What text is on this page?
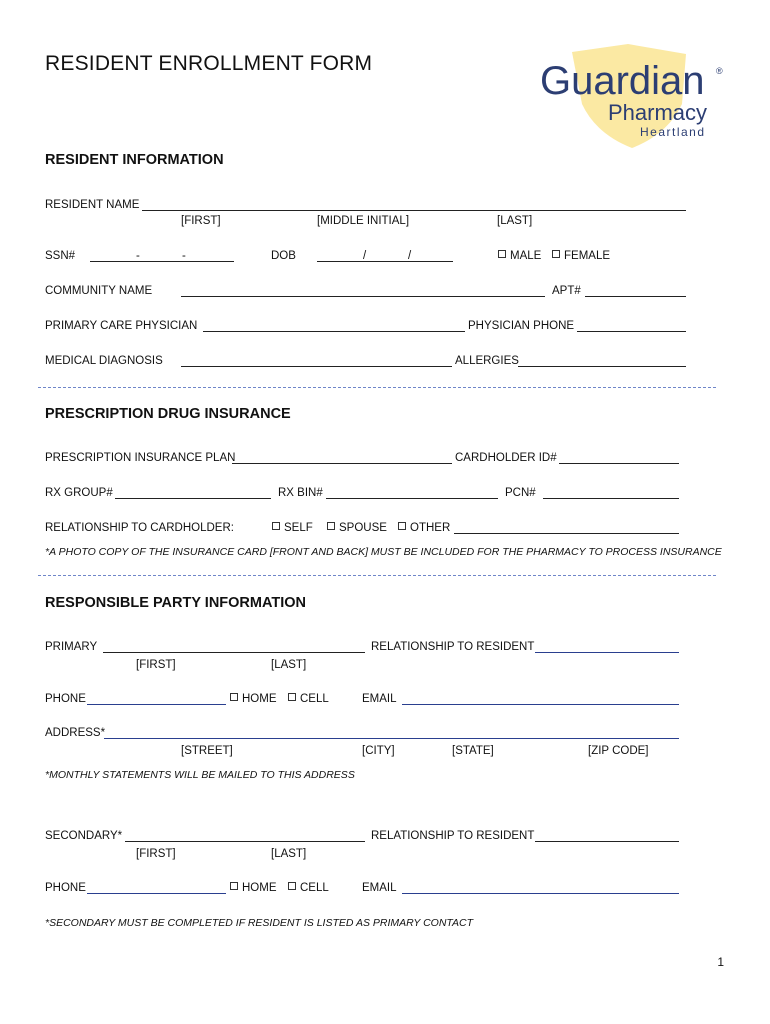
RESIDENT ENROLLMENT FORM	Guardian ®
Pharmacy
Heartland
RESIDENT INFORMATION
RESIDENT NAME
[FIRST]	[MIDDLE INITIAL]	[LAST]
SSN#	-	-	DOB	/	/	MALE	FEMALE
COMMUNITY NAME	APT#
PRIMARY CARE PHYSICIAN	PHYSICIAN PHONE
MEDICAL DIAGNOSIS	ALLERGIES
PRESCRIPTION DRUG INSURANCE
PRESCRIPTION INSURANCE PLAN	CARDHOLDER ID#
RX GROUP#	RX BIN#	PCN#
RELATIONSHIP TO CARDHOLDER:	SELF	SPOUSE	OTHER
*A PHOTO COPY OF THE INSURANCE CARD [FRONT AND BACK] MUST BE INCLUDED FOR THE PHARMACY TO PROCESS INSURANCE
RESPONSIBLE PARTY INFORMATION
PRIMARY	RELATIONSHIP TO RESIDENT
[FIRST]	[LAST]
PHONE	HOME	CELL	EMAIL
ADDRESS*
[STREET]	[CITY]	[STATE]	[ZIP CODE]
*MONTHLY STATEMENTS WILL BE MAILED TO THIS ADDRESS
SECONDARY*	RELATIONSHIP TO RESIDENT
[FIRST]	[LAST]
PHONE	HOME	CELL	EMAIL
*SECONDARY MUST BE COMPLETED IF RESIDENT IS LISTED AS PRIMARY CONTACT
1
